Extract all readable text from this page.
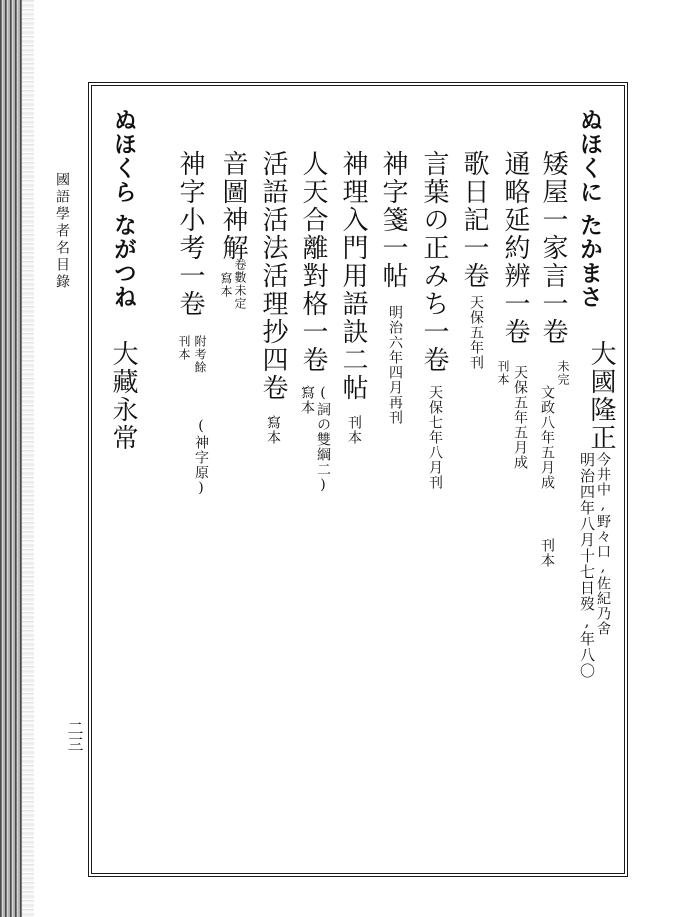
國語學者名目錄
二三
ぬほくに
たかまさ
大國隆正
今井中,野々口,佐紀乃舍
明治四年八月十七日歿,年八〇
矮屋一家言一卷
未完
文政八年五月成
刊本
通略延約辨一卷
天保五年五月成
刊本
歌日記一卷
天保五年刊
言葉の正みち一卷
天保七年八月刊
神字箋一帖
明治六年四月再刊
神理入門用語訣二帖
刊本
人天合離對格一卷
(詞の雙綱二)
寫本
活語活法活理抄四卷
寫本
音圖神解
卷數未定
寫本
神字小考一卷
(神字原)
附考餘
刊本
ぬほくら
ながつね
大藏永常
